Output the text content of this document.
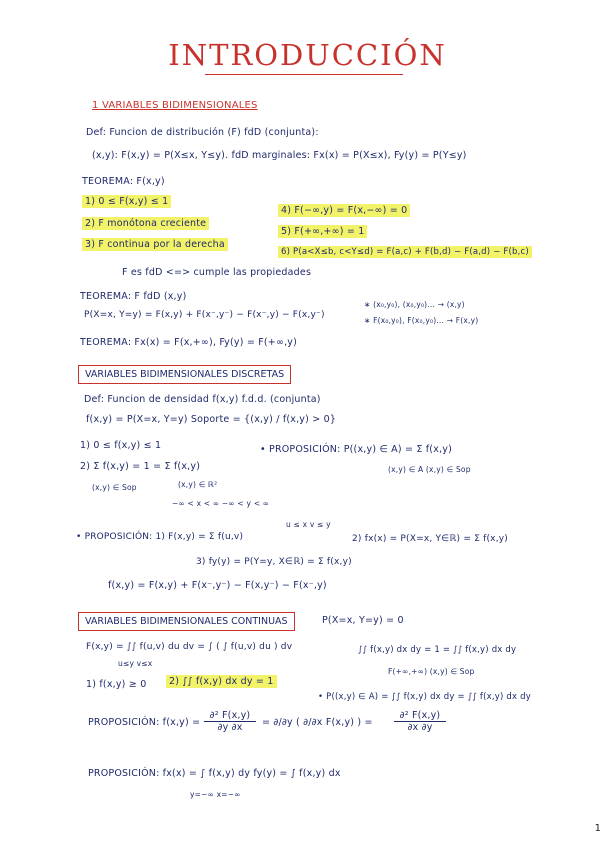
INTRODUCCIÓN
1 VARIABLES BIDIMENSIONALES
Def: Funcion de distribución (F) fdD (conjunta):
(x,y): F(x,y) = P(X≤x, Y≤y). fdD marginales: Fx(x) = P(X≤x), Fy(y) = P(Y≤y)
TEOREMA: F(x,y)
1) 0 ≤ F(x,y) ≤ 1
2) F monótona creciente
3) F continua por la derecha
4) F(−∞,y) = F(x,−∞) = 0
5) F(+∞,+∞) = 1
6) P(a<X≤b, c<Y≤d) = F(a,c) + F(b,d) − F(a,d) − F(b,c)
F es fdD <=> cumple las propiedades
TEOREMA: F fdD (x,y)
P(X=x, Y=y) = F(x,y) + F(x⁻,y⁻) − F(x⁻,y) − F(x,y⁻)
∗ (x₀,y₀), (x₀,y₀)... → (x,y)
∗ F(x₀,y₀), F(x₀,y₀)... → F(x,y)
TEOREMA: Fx(x) = F(x,+∞), Fy(y) = F(+∞,y)
VARIABLES BIDIMENSIONALES DISCRETAS
Def: Funcion de densidad f(x,y) f.d.d. (conjunta)
f(x,y) = P(X=x, Y=y) Soporte = {(x,y) / f(x,y) > 0}
1) 0 ≤ f(x,y) ≤ 1
2) Σ f(x,y) = 1 = Σ f(x,y)
(x,y) ∈ Sop	(x,y) ∈ ℝ²
−∞ < x < ∞ −∞ < y < ∞
• PROPOSICIÓN: P((x,y) ∈ A) = Σ f(x,y)
(x,y) ∈ A (x,y) ∈ Sop
• PROPOSICIÓN: 1) F(x,y) = Σ f(u,v)
u ≤ x v ≤ y
2) fx(x) = P(X=x, Y∈ℝ) = Σ f(x,y)
3) fy(y) = P(Y=y, X∈ℝ) = Σ f(x,y)
f(x,y) = F(x,y) + F(x⁻,y⁻) − F(x,y⁻) − F(x⁻,y)
VARIABLES BIDIMENSIONALES CONTINUAS	P(X=x, Y=y) = 0
F(x,y) = ∫∫ f(u,v) du dv = ∫ ( ∫ f(u,v) du ) dv
u≤y v≤x
∫∫ f(x,y) dx dy = 1 = ∫∫ f(x,y) dx dy
F(+∞,+∞) (x,y) ∈ Sop
1) f(x,y) ≥ 0	2) ∫∫ f(x,y) dx dy = 1
• P((x,y) ∈ A) = ∫∫ f(x,y) dx dy = ∫∫ f(x,y) dx dy
PROPOSICIÓN: $f(x,y) = \frac{\text{∂² F(x,y)}}{\partial y \partial x} = \partial/\partial y$ ( ∂/∂x F(x,y) ) = $\frac{\text{∂² F(x,y)}}{\partial x \partial y}$
PROPOSICIÓN: fx(x) = ∫ f(x,y) dy fy(y) = ∫ f(x,y) dx
y=−∞ x=−∞
1
